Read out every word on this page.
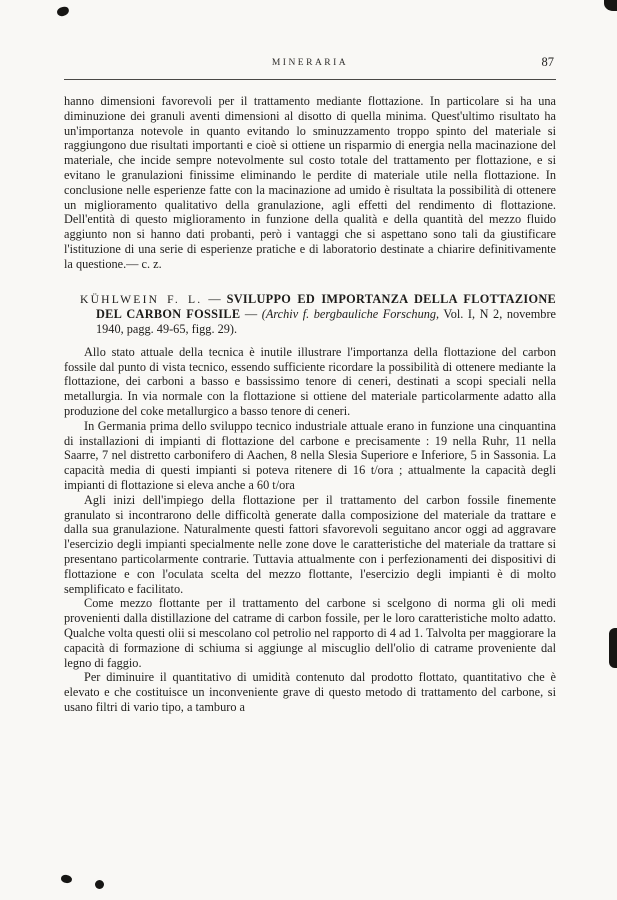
MINERARIA	87

hanno dimensioni favorevoli per il trattamento mediante flottazione. In particolare si ha una diminuzione dei granuli aventi dimensioni al disotto di quella minima. Quest'ultimo risultato ha un'importanza notevole in quanto evitando lo sminuzzamento troppo spinto del materiale si raggiungono due risultati importanti e cioè si ottiene un risparmio di energia nella macinazione del materiale, che incide sempre notevolmente sul costo totale del trattamento per flottazione, e si evitano le granulazioni finissime eliminando le perdite di materiale utile nella flottazione. In conclusione nelle esperienze fatte con la macinazione ad umido è risultata la possibilità di ottenere un miglioramento qualitativo della granulazione, agli effetti del rendimento di flottazione. Dell'entità di questo miglioramento in funzione della qualità e della quantità del mezzo fluido aggiunto non si hanno dati probanti, però i vantaggi che si aspettano sono tali da giustificare l'istituzione di una serie di esperienze pratiche e di laboratorio destinate a chiarire definitivamente la questione.— c. z.

KÜHLWEIN F. L. — SVILUPPO ED IMPORTANZA DELLA FLOTTAZIONE DEL CARBON FOSSILE — (Archiv f. bergbauliche Forschung, Vol. I, N 2, novembre 1940, pagg. 49-65, figg. 29).

Allo stato attuale della tecnica è inutile illustrare l'importanza della flottazione del carbon fossile dal punto di vista tecnico, essendo sufficiente ricordare la possibilità di ottenere mediante la flottazione, dei carboni a basso e bassissimo tenore di ceneri, destinati a scopi speciali nella metallurgia. In via normale con la flottazione si ottiene del materiale particolarmente adatto alla produzione del coke metallurgico a basso tenore di ceneri.

In Germania prima dello sviluppo tecnico industriale attuale erano in funzione una cinquantina di installazioni di impianti di flottazione del carbone e precisamente : 19 nella Ruhr, 11 nella Saarre, 7 nel distretto carbonifero di Aachen, 8 nella Slesia Superiore e Inferiore, 5 in Sassonia. La capacità media di questi impianti si poteva ritenere di 16 t/ora ; attualmente la capacità degli impianti di flottazione si eleva anche a 60 t/ora

Agli inizi dell'impiego della flottazione per il trattamento del carbon fossile finemente granulato si incontrarono delle difficoltà generate dalla composizione del materiale da trattare e dalla sua granulazione. Naturalmente questi fattori sfavorevoli seguitano ancor oggi ad aggravare l'esercizio degli impianti specialmente nelle zone dove le caratteristiche del materiale da trattare si presentano particolarmente contrarie. Tuttavia attualmente con i perfezionamenti dei dispositivi di flottazione e con l'oculata scelta del mezzo flottante, l'esercizio degli impianti è di molto semplificato e facilitato.

Come mezzo flottante per il trattamento del carbone si scelgono di norma gli oli medi provenienti dalla distillazione del catrame di carbon fossile, per le loro caratteristiche molto adatto. Qualche volta questi olii si mescolano col petrolio nel rapporto di 4 ad 1. Talvolta per maggiorare la capacità di formazione di schiuma si aggiunge al miscuglio dell'olio di catrame proveniente dal legno di faggio.

Per diminuire il quantitativo di umidità contenuto dal prodotto flottato, quantitativo che è elevato e che costituisce un inconveniente grave di questo metodo di trattamento del carbone, si usano filtri di vario tipo, a tamburo a
